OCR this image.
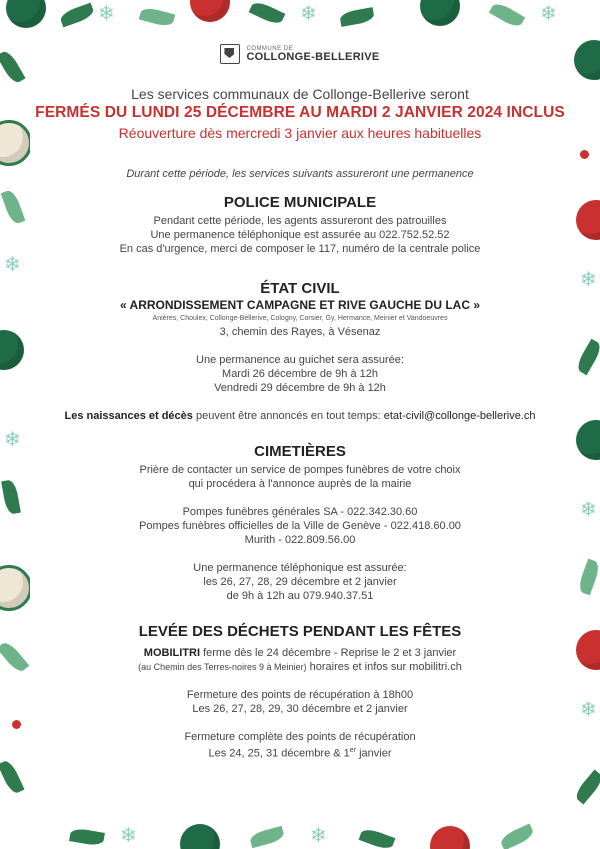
❄	❄	❄
❄
❄
❄
❄
❄
❄	❄
COMMUNE DE
COLLONGE-BELLERIVE
Les services communaux de Collonge-Bellerive seront
FERMÉS DU LUNDI 25 DÉCEMBRE AU MARDI 2 JANVIER 2024 INCLUS
Réouverture dès mercredi 3 janvier aux heures habituelles
Durant cette période, les services suivants assureront une permanence
POLICE MUNICIPALE
Pendant cette période, les agents assureront des patrouilles
Une permanence téléphonique est assurée au 022.752.52.52
En cas d'urgence, merci de composer le 117, numéro de la centrale police
ÉTAT CIVIL
« ARRONDISSEMENT CAMPAGNE ET RIVE GAUCHE DU LAC »
Anières, Choulex, Collonge-Bellerive, Cologny, Corsier, Gy, Hermance, Meinier et Vandoeuvres
3, chemin des Rayes, à Vésenaz
Une permanence au guichet sera assurée:
Mardi 26 décembre de 9h à 12h
Vendredi 29 décembre de 9h à 12h
Les naissances et décès peuvent être annoncés en tout temps: etat-civil@collonge-bellerive.ch
CIMETIÈRES
Prière de contacter un service de pompes funèbres de votre choix
qui procédera à l'annonce auprès de la mairie
Pompes funèbres générales SA - 022.342.30.60
Pompes funèbres officielles de la Ville de Genève - 022.418.60.00
Murith - 022.809.56.00
Une permanence téléphonique est assurée:
les 26, 27, 28, 29 décembre et 2 janvier
de 9h à 12h au 079.940.37.51
LEVÉE DES DÉCHETS PENDANT LES FÊTES
MOBILITRI ferme dès le 24 décembre - Reprise le 2 et 3 janvier
(au Chemin des Terres-noires 9 à Meinier) horaires et infos sur mobilitri.ch
Fermeture des points de récupération à 18h00
Les 26, 27, 28, 29, 30 décembre et 2 janvier
Fermeture complète des points de récupération
Les 24, 25, 31 décembre & 1er janvier
